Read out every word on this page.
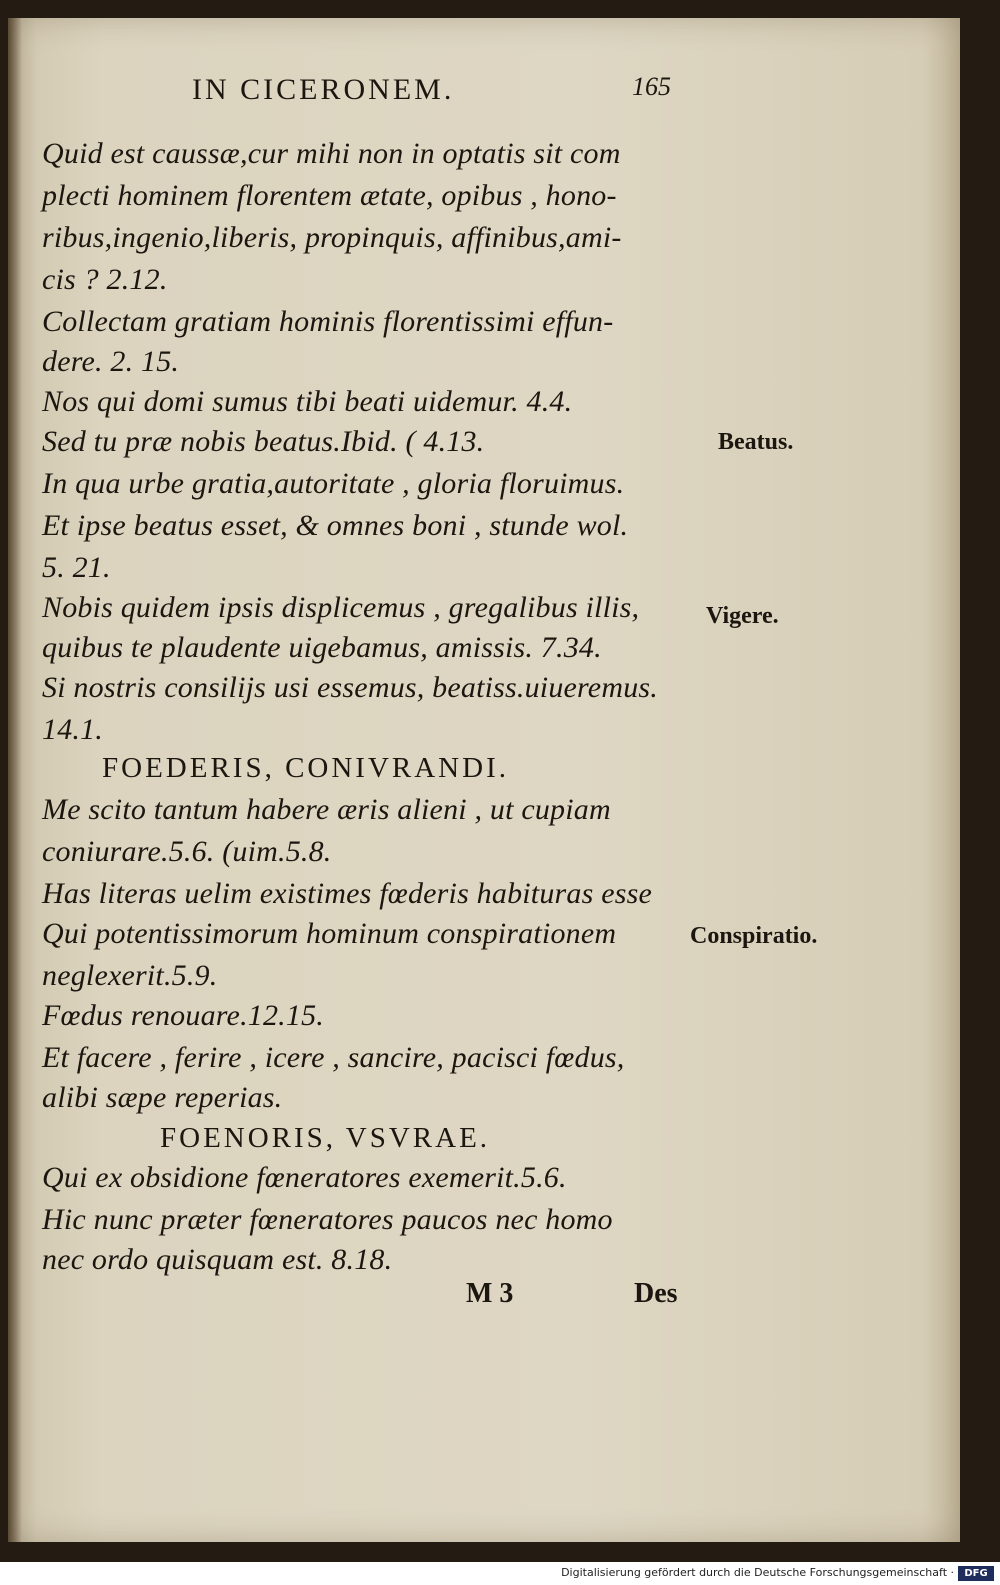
IN CICERONEM.	165
Quid est caussæ,cur mihi non in optatis sit com
plecti hominem florentem ætate, opibus , hono-
ribus,ingenio,liberis, propinquis, affinibus,ami-
cis ? 2.12.
Collectam gratiam hominis florentissimi effun-
dere. 2. 15.
Nos qui domi sumus tibi beati uidemur. 4.4.
Sed tu præ nobis beatus.Ibid. ( 4.13.
In qua urbe gratia,autoritate , gloria floruimus.
Et ipse beatus esset, & omnes boni , stunde wol.
5. 21.
Nobis quidem ipsis displicemus , gregalibus illis,
quibus te plaudente uigebamus, amissis. 7.34.
Si nostris consilijs usi essemus, beatiss.uiueremus.
14.1.
FOEDERIS, CONIVRANDI.
Me scito tantum habere æris alieni , ut cupiam
coniurare.5.6. (uim.5.8.
Has literas uelim existimes fœderis habituras esse
Qui potentissimorum hominum conspirationem
neglexerit.5.9.
Fœdus renouare.12.15.
Et facere , ferire , icere , sancire, pacisci fœdus,
alibi sæpe reperias.
FOENORIS, VSVRAE.
Qui ex obsidione fœneratores exemerit.5.6.
Hic nunc præter fœneratores paucos nec homo
nec ordo quisquam est. 8.18.
M 3	Des
Beatus.
Vigere.
Conspiratio.
Digitalisierung gefördert durch die Deutsche Forschungsgemeinschaft ·	DFG
